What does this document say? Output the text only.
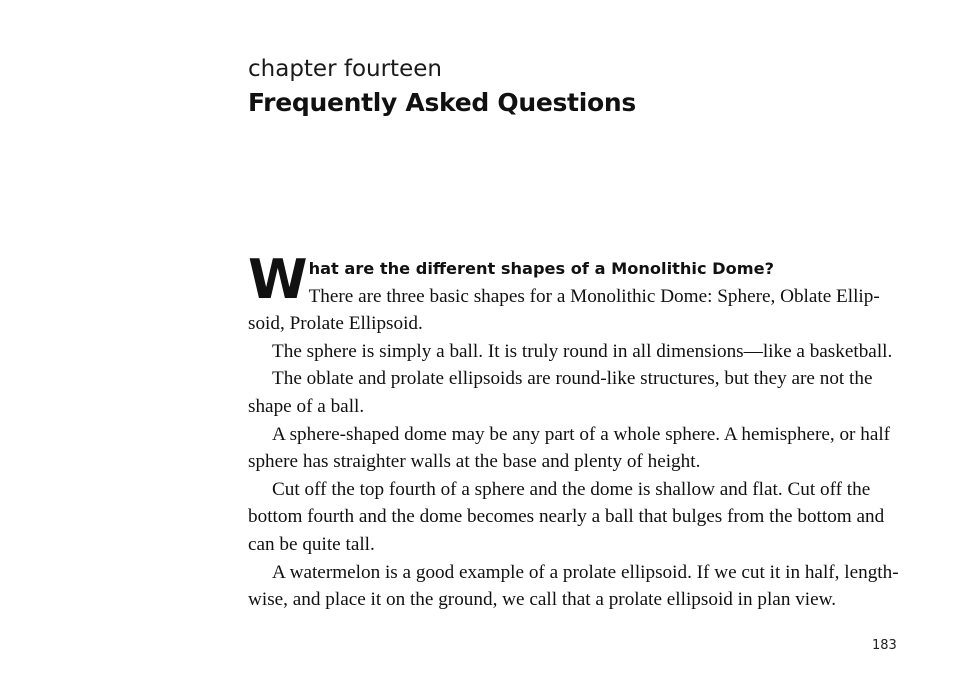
chapter fourteen
Frequently Asked Questions
W hat are the different shapes of a Monolithic Dome?

There are three basic shapes for a Monolithic Dome: Sphere, Oblate Ellipsoid, Prolate Ellipsoid.

The sphere is simply a ball. It is truly round in all dimensions—like a basketball.

The oblate and prolate ellipsoids are round-like structures, but they are not the shape of a ball.

A sphere-shaped dome may be any part of a whole sphere. A hemisphere, or half sphere has straighter walls at the base and plenty of height.

Cut off the top fourth of a sphere and the dome is shallow and flat. Cut off the bottom fourth and the dome becomes nearly a ball that bulges from the bottom and can be quite tall.

A watermelon is a good example of a prolate ellipsoid. If we cut it in half, lengthwise, and place it on the ground, we call that a prolate ellipsoid in plan view.

183
